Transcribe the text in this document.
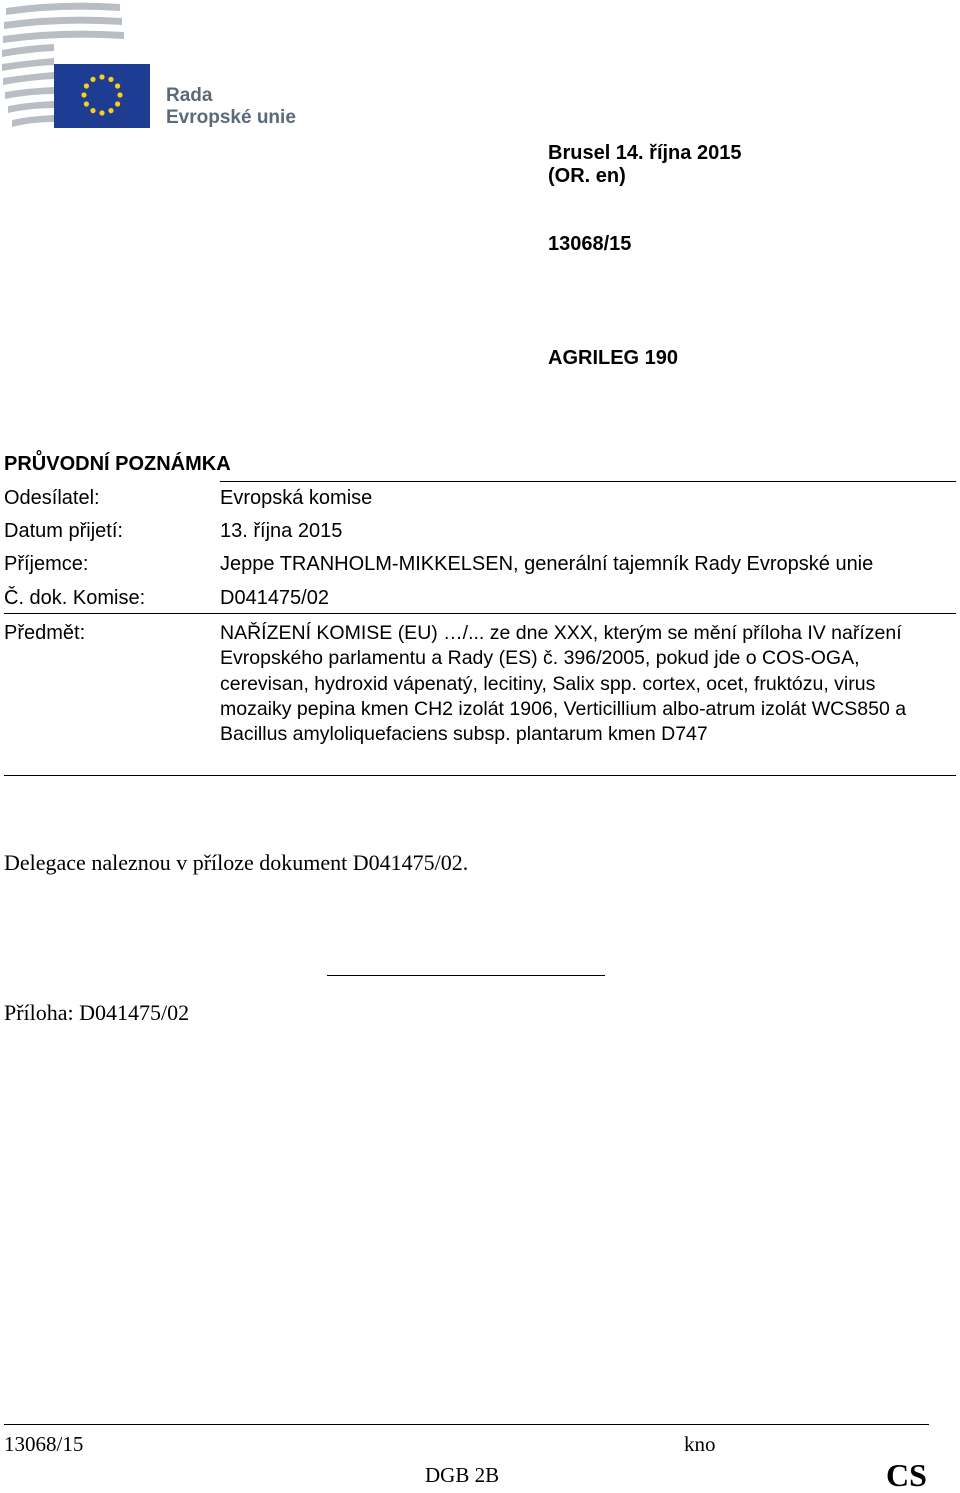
Rada
Evropské unie
Brusel 14. října 2015
(OR. en)
13068/15
AGRILEG 190
PRŮVODNÍ POZNÁMKA
Odesílatel:	Evropská komise
Datum přijetí:	13. října 2015
Příjemce:	Jeppe TRANHOLM-MIKKELSEN, generální tajemník Rady Evropské unie
Č. dok. Komise:	D041475/02
Předmět:	NAŘÍZENÍ KOMISE (EU) …/... ze dne XXX, kterým se mění příloha IV nařízení Evropského parlamentu a Rady (ES) č. 396/2005, pokud jde o COS-OGA, cerevisan, hydroxid vápenatý, lecitiny, Salix spp. cortex, ocet, fruktózu, virus mozaiky pepina kmen CH2 izolát 1906, Verticillium albo-atrum izolát WCS850 a Bacillus amyloliquefaciens subsp. plantarum kmen D747
Delegace naleznou v příloze dokument D041475/02.
Příloha: D041475/02
13068/15	kno
DGB 2B	CS
